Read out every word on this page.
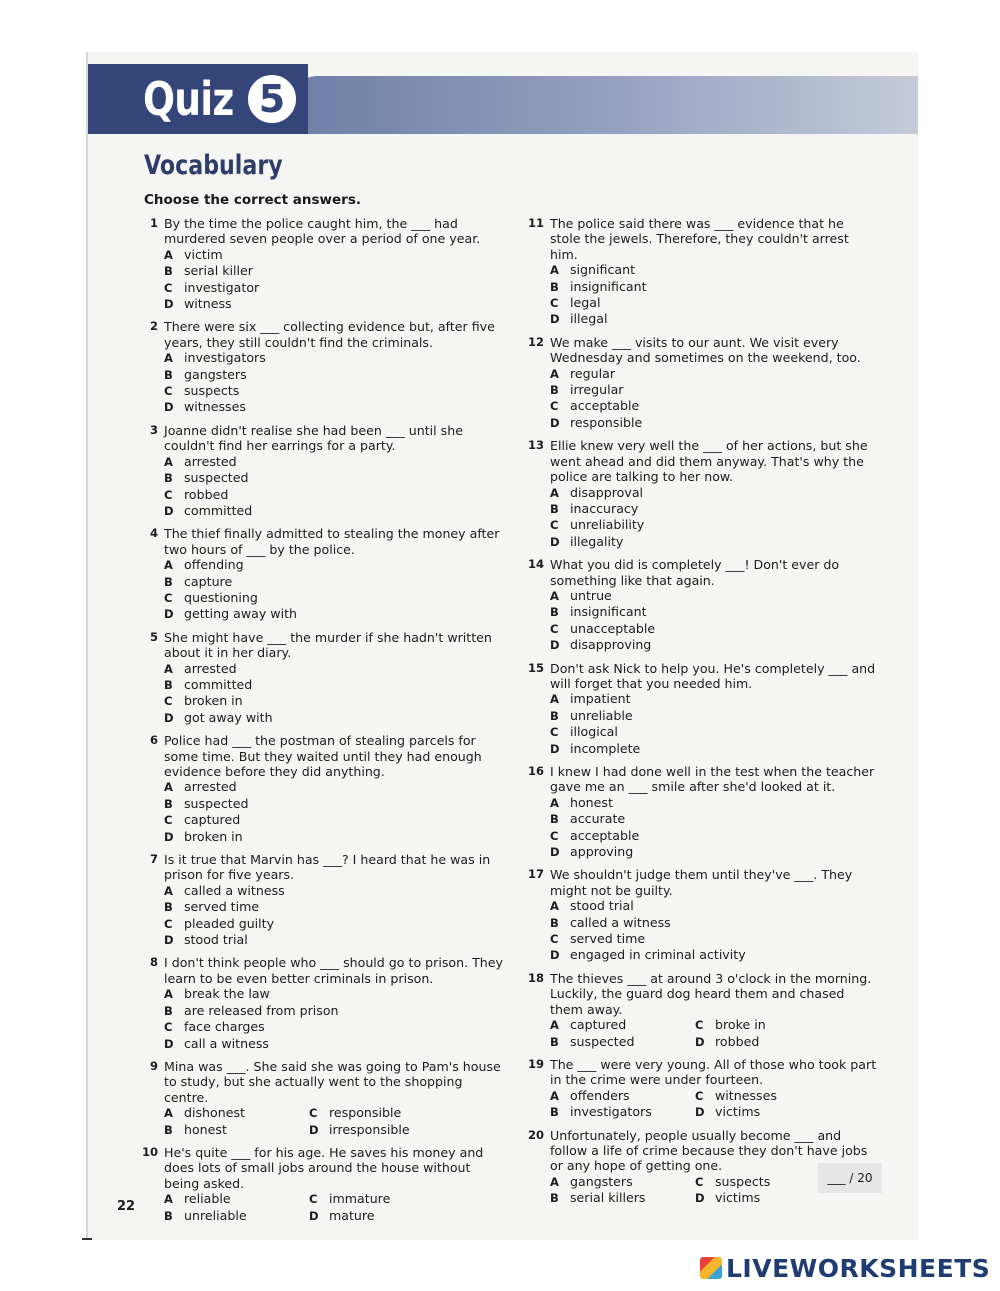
Quiz 5
Vocabulary
Choose the correct answers.
1 By the time the police caught him, the ___ had murdered seven people over a period of one year.
A victim
B serial killer
C investigator
D witness
2 There were six ___ collecting evidence but, after five years, they still couldn't find the criminals.
A investigators
B gangsters
C suspects
D witnesses
3 Joanne didn't realise she had been ___ until she couldn't find her earrings for a party.
A arrested
B suspected
C robbed
D committed
4 The thief finally admitted to stealing the money after two hours of ___ by the police.
A offending
B capture
C questioning
D getting away with
5 She might have ___ the murder if she hadn't written about it in her diary.
A arrested
B committed
C broken in
D got away with
6 Police had ___ the postman of stealing parcels for some time. But they waited until they had enough evidence before they did anything.
A arrested
B suspected
C captured
D broken in
7 Is it true that Marvin has ___? I heard that he was in prison for five years.
A called a witness
B served time
C pleaded guilty
D stood trial
8 I don't think people who ___ should go to prison. They learn to be even better criminals in prison.
A break the law
B are released from prison
C face charges
D call a witness
9 Mina was ___. She said she was going to Pam's house to study, but she actually went to the shopping centre.
A dishonest	C responsible
B honest	D irresponsible
10 He's quite ___ for his age. He saves his money and does lots of small jobs around the house without being asked.
A reliable	C immature
B unreliable	D mature
11 The police said there was ___ evidence that he stole the jewels. Therefore, they couldn't arrest him.
A significant
B insignificant
C legal
D illegal
12 We make ___ visits to our aunt. We visit every Wednesday and sometimes on the weekend, too.
A regular
B irregular
C acceptable
D responsible
13 Ellie knew very well the ___ of her actions, but she went ahead and did them anyway. That's why the police are talking to her now.
A disapproval
B inaccuracy
C unreliability
D illegality
14 What you did is completely ___! Don't ever do something like that again.
A untrue
B insignificant
C unacceptable
D disapproving
15 Don't ask Nick to help you. He's completely ___ and will forget that you needed him.
A impatient
B unreliable
C illogical
D incomplete
16 I knew I had done well in the test when the teacher gave me an ___ smile after she'd looked at it.
A honest
B accurate
C acceptable
D approving
17 We shouldn't judge them until they've ___. They might not be guilty.
A stood trial
B called a witness
C served time
D engaged in criminal activity
18 The thieves ___ at around 3 o'clock in the morning. Luckily, the guard dog heard them and chased them away.
A captured	C broke in
B suspected	D robbed
19 The ___ were very young. All of those who took part in the crime were under fourteen.
A offenders	C witnesses
B investigators	D victims
20 Unfortunately, people usually become ___ and follow a life of crime because they don't have jobs or any hope of getting one.
A gangsters	C suspects
B serial killers	D victims
___ / 20
22
LIVEWORKSHEETS
